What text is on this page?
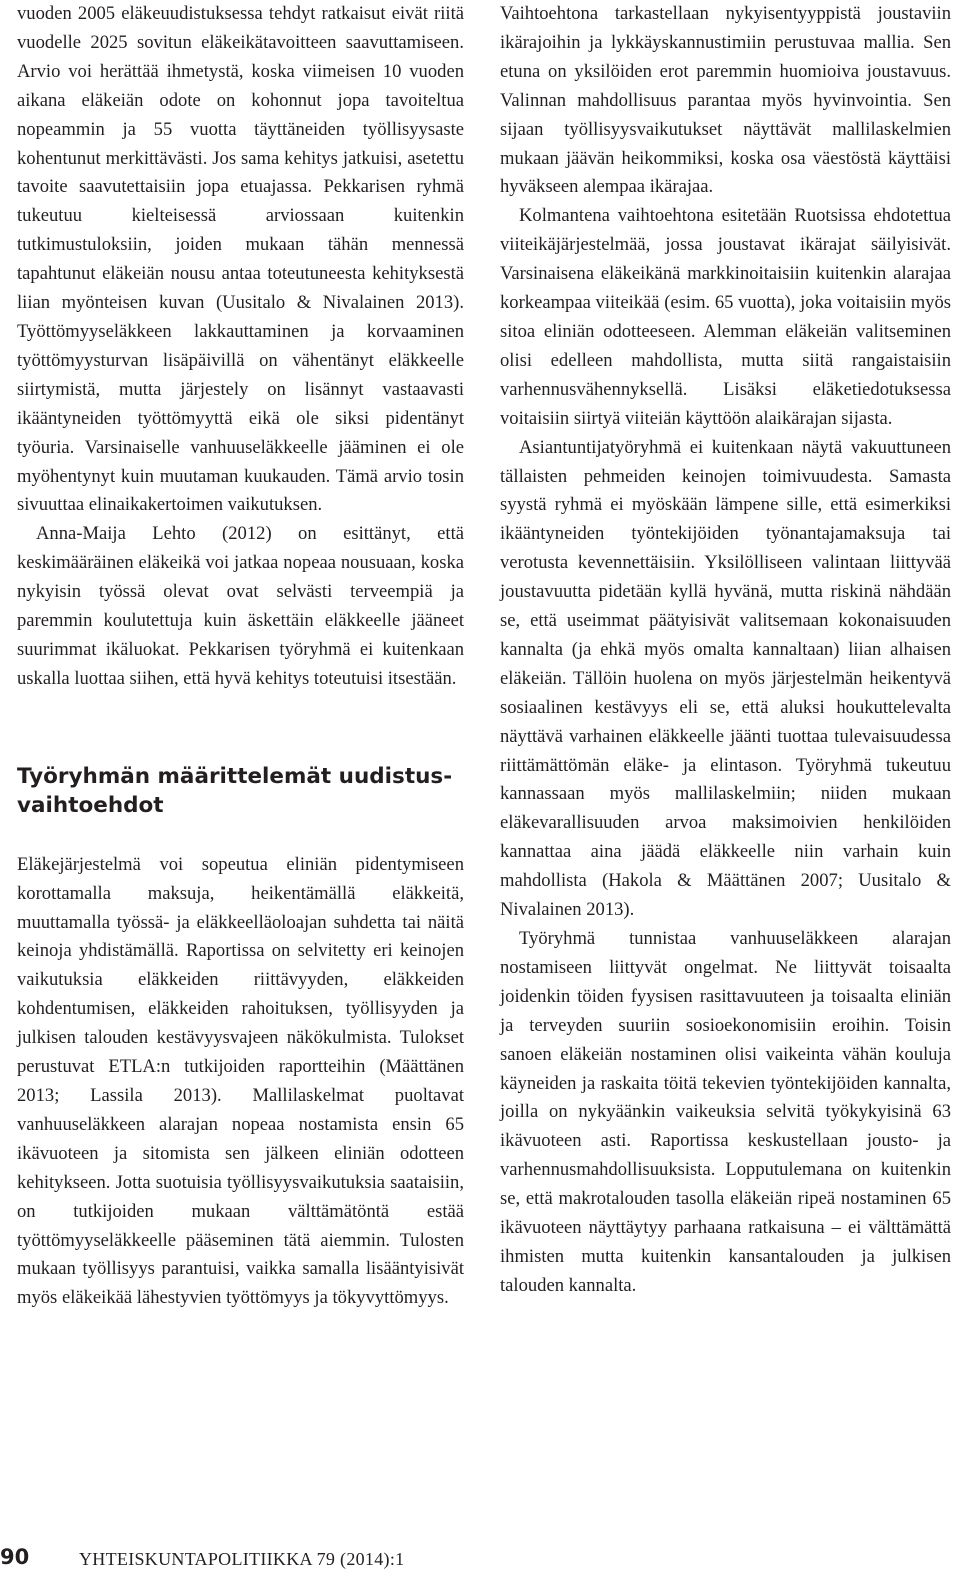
vuoden 2005 eläkeuudistuksessa tehdyt ratkaisut eivät riitä vuodelle 2025 sovitun eläkeikätavoitteen saavuttamiseen. Arvio voi herättää ihmetystä, koska viimeisen 10 vuoden aikana eläkeiän odote on kohonnut jopa tavoiteltua nopeammin ja 55 vuotta täyttäneiden työllisyysaste kohentunut merkittävästi. Jos sama kehitys jatkuisi, asetettu tavoite saavutettaisiin jopa etuajassa. Pekkarisen ryhmä tukeutuu kielteisessä arviossaan kuitenkin tutkimustuloksiin, joiden mukaan tähän mennessä tapahtunut eläkeiän nousu antaa toteutuneesta kehityksestä liian myönteisen kuvan (Uusitalo & Nivalainen 2013). Työttömyyseläkkeen lakkauttaminen ja korvaaminen työttömyysturvan lisäpäivillä on vähentänyt eläkkeelle siirtymistä, mutta järjestely on lisännyt vastaavasti ikääntyneiden työttömyyttä eikä ole siksi pidentänyt työuria. Varsinaiselle vanhuuseläkkeelle jääminen ei ole myöhentynyt kuin muutaman kuukauden. Tämä arvio tosin sivuuttaa elinaikakertoimen vaikutuksen.

Anna-Maija Lehto (2012) on esittänyt, että keskimääräinen eläkeikä voi jatkaa nopeaa nousuaan, koska nykyisin työssä olevat ovat selvästi terveempiä ja paremmin koulutettuja kuin äskettäin eläkkeelle jääneet suurimmat ikäluokat. Pekkarisen työryhmä ei kuitenkaan uskalla luottaa siihen, että hyvä kehitys toteutuisi itsestään.

Työryhmän määrittelemät uudistusvaihtoehdot

Eläkejärjestelmä voi sopeutua eliniän pidentymiseen korottamalla maksuja, heikentämällä eläkkeitä, muuttamalla työssä- ja eläkkeelläoloajan suhdetta tai näitä keinoja yhdistämällä. Raportissa on selvitetty eri keinojen vaikutuksia eläkkeiden riittävyyden, eläkkeiden kohdentumisen, eläkkeiden rahoituksen, työllisyyden ja julkisen talouden kestävyysvajeen näkökulmista. Tulokset perustuvat ETLA:n tutkijoiden raportteihin (Määttänen 2013; Lassila 2013). Mallilaskelmat puoltavat vanhuuseläkkeen alarajan nopeaa nostamista ensin 65 ikävuoteen ja sitomista sen jälkeen eliniän odotteen kehitykseen. Jotta suotuisia työllisyysvaikutuksia saataisiin, on tutkijoiden mukaan välttämätöntä estää työttömyyseläkkeelle pääseminen tätä aiemmin. Tulosten mukaan työllisyys parantuisi, vaikka samalla lisääntyisivät myös eläkeikää lähestyvien työttömyys ja tökyvyttömyys.

Vaihtoehtona tarkastellaan nykyisentyyppistä joustaviin ikärajoihin ja lykkäyskannustimiin perustuvaa mallia. Sen etuna on yksilöiden erot paremmin huomioiva joustavuus. Valinnan mahdollisuus parantaa myös hyvinvointia. Sen sijaan työllisyysvaikutukset näyttävät mallilaskelmien mukaan jäävän heikommiksi, koska osa väestöstä käyttäisi hyväkseen alempaa ikärajaa.

Kolmantena vaihtoehtona esitetään Ruotsissa ehdotettua viiteikäjärjestelmää, jossa joustavat ikärajat säilyisivät. Varsinaisena eläkeikänä markkinoitaisiin kuitenkin alarajaa korkeampaa viiteikää (esim. 65 vuotta), joka voitaisiin myös sitoa eliniän odotteeseen. Alemman eläkeiän valitseminen olisi edelleen mahdollista, mutta siitä rangaistaisiin varhennusvähennyksellä. Lisäksi eläketiedotuksessa voitaisiin siirtyä viiteiän käyttöön alaikärajan sijasta.

Asiantuntijatyöryhmä ei kuitenkaan näytä vakuuttuneen tällaisten pehmeiden keinojen toimivuudesta. Samasta syystä ryhmä ei myöskään lämpene sille, että esimerkiksi ikääntyneiden työntekijöiden työnantajamaksuja tai verotusta kevennettäisiin. Yksilölliseen valintaan liittyvää joustavuutta pidetään kyllä hyvänä, mutta riskinä nähdään se, että useimmat päätyisivät valitsemaan kokonaisuuden kannalta (ja ehkä myös omalta kannaltaan) liian alhaisen eläkeiän. Tällöin huolena on myös järjestelmän heikentyvä sosiaalinen kestävyys eli se, että aluksi houkuttelevalta näyttävä varhainen eläkkeelle jäänti tuottaa tulevaisuudessa riittämättömän eläke- ja elintason. Työryhmä tukeutuu kannassaan myös mallilaskelmiin; niiden mukaan eläkevarallisuuden arvoa maksimoivien henkilöiden kannattaa aina jäädä eläkkeelle niin varhain kuin mahdollista (Hakola & Määttänen 2007; Uusitalo & Nivalainen 2013).

Työryhmä tunnistaa vanhuuseläkkeen alarajan nostamiseen liittyvät ongelmat. Ne liittyvät toisaalta joidenkin töiden fyysisen rasittavuuteen ja toisaalta eliniän ja terveyden suuriin sosioekonomisiin eroihin. Toisin sanoen eläkeiän nostaminen olisi vaikeinta vähän kouluja käyneiden ja raskaita töitä tekevien työntekijöiden kannalta, joilla on nykyäänkin vaikeuksia selvitä työkykyisinä 63 ikävuoteen asti. Raportissa keskustellaan jousto- ja varhennusmahdollisuuksista. Lopputulemana on kuitenkin se, että makrotalouden tasolla eläkeiän ripeä nostaminen 65 ikävuoteen näyttäytyy parhaana ratkaisuna – ei välttämättä ihmisten mutta kuitenkin kansantalouden ja julkisen talouden kannalta.

90	YHTEISKUNTAPOLITIIKKA 79 (2014):1
